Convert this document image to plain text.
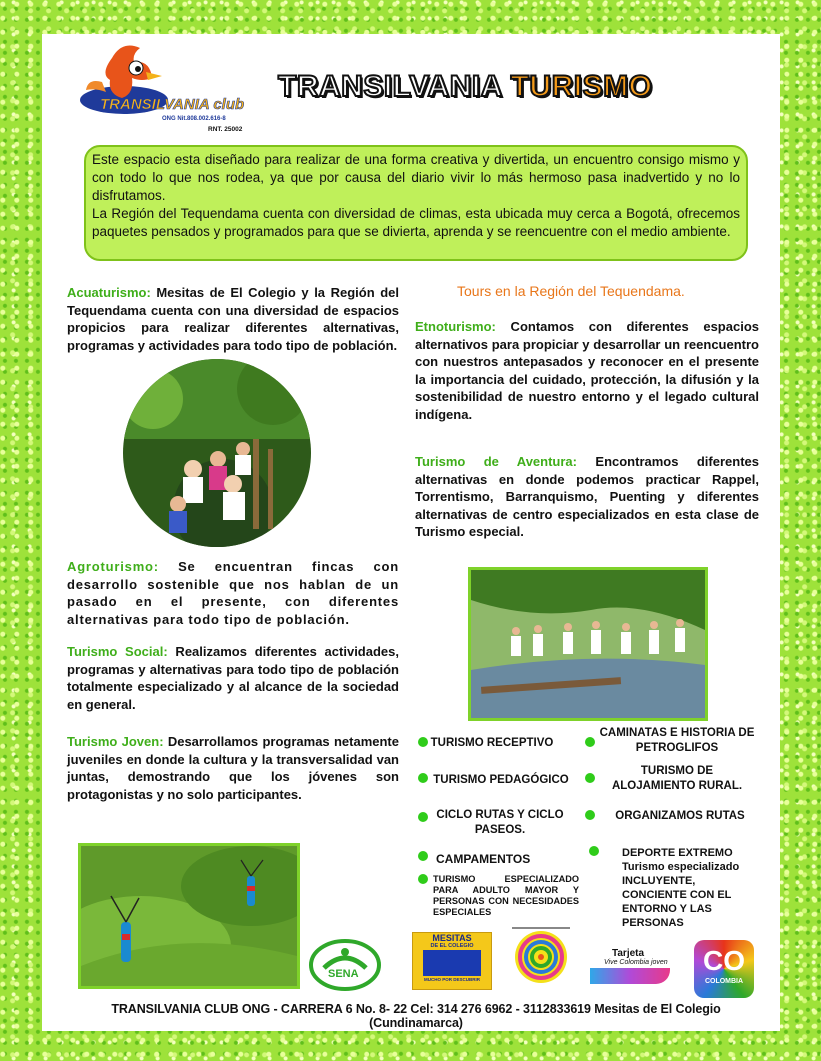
TRANSILVANIA club
ONG Nit.808.002.616-8
RNT. 25002
TRANSILVANIA TURISMO

Este espacio esta diseñado para realizar de una forma creativa y divertida, un encuentro consigo mismo y con todo lo que nos rodea, ya que por causa del diario vivir lo más hermoso pasa inadvertido y no lo disfrutamos.

La Región del Tequendama cuenta con diversidad de climas, esta ubicada muy cerca a Bogotá, ofrecemos paquetes pensados y programados para que se divierta, aprenda y se reencuentre con el medio ambiente.

Acuaturismo: Mesitas de El Colegio y la Región del Tequendama cuenta con una diversidad de espacios propicios para realizar diferentes alternativas, programas y actividades para todo tipo de población.
Agroturismo: Se encuentran fincas con desarrollo sostenible que nos hablan de un pasado en el presente, con diferentes alternativas para todo tipo de población.
Turismo Social: Realizamos diferentes actividades, programas y alternativas para todo tipo de población totalmente especializado y al alcance de la sociedad en general.
Turismo Joven: Desarrollamos programas netamente juveniles en donde la cultura y la transversalidad van juntas, demostrando que los jóvenes son protagonistas y no solo participantes.
Tours en la Región del Tequendama.
Etnoturismo: Contamos con diferentes espacios alternativos para propiciar y desarrollar un reencuentro con nuestros antepasados y reconocer en el presente la importancia del cuidado, protección, la difusión y la sostenibilidad de nuestro entorno y el legado cultural indígena.
Turismo de Aventura: Encontramos diferentes alternativas en donde podemos practicar Rappel, Torrentismo, Barranquismo, Puenting y diferentes alternativas de centro especializados en esta clase de Turismo especial.
TURISMO RECEPTIVO
TURISMO PEDAGÓGICO
CICLO RUTAS Y CICLO PASEOS.
CAMPAMENTOS
TURISMO ESPECIALIZADO PARA ADULTO MAYOR Y PERSONAS CON NECESIDADES ESPECIALES
CAMINATAS E HISTORIA DE PETROGLIFOS
TURISMO DE ALOJAMIENTO RURAL.
ORGANIZAMOS RUTAS
DEPORTE EXTREMO
Turismo especializado INCLUYENTE, CONCIENTE CON EL ENTORNO Y LAS PERSONAS
SENA
MESITAS
DE EL COLEGIO
MUCHO POR DESCUBRIR
Tarjeta
Vive Colombia joven	CO
COLOMBIA
TRANSILVANIA CLUB ONG - CARRERA 6 No. 8- 22 Cel: 314 276 6962 - 3112833619 Mesitas de El Colegio (Cundinamarca)
